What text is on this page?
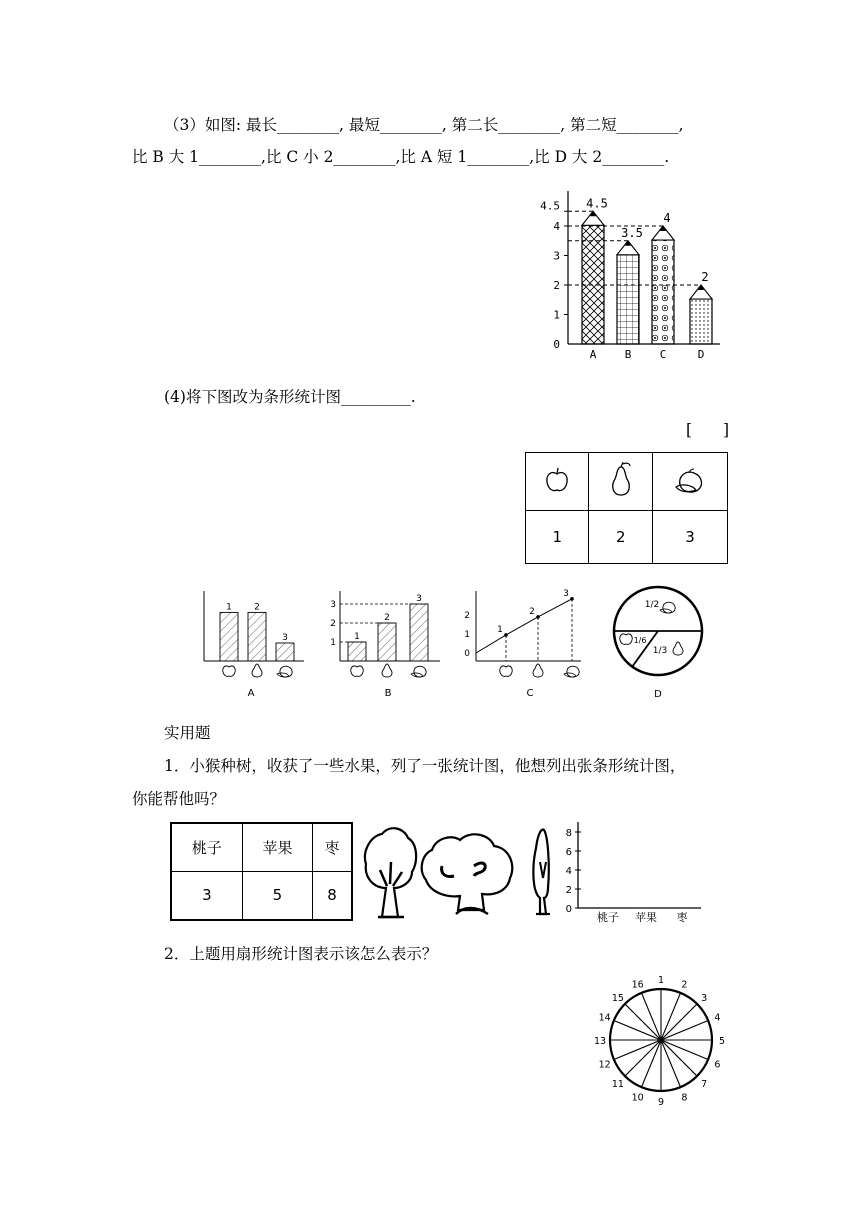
（3）如图: 最长________, 最短________, 第二长________, 第二短________,
比 B 大 1________,比 C 小 2________,比 A 短 1________,比 D 大 2________.
0
1
2
3
4
4.5 4.5
A
3.5
B
4
C
2
D
(4)将下图改为条形统计图_________.
[　　]

1	2	3
1 2
3
A
1
1
2
2
3
3
B
0
1
2
1
2
3
C
1/2
1/6
1/3
D
实用题
1．小猴种树，收获了一些水果，列了一张统计图，他想列出张条形统计图，
你能帮他吗？
桃子	苹果	枣
3	5	8
0
2
4
6
8
桃子 苹果 枣
2．上题用扇形统计图表示该怎么表示？
1 2
3
4
5
6
7
8
9
10
11
12
13
14
15
16
